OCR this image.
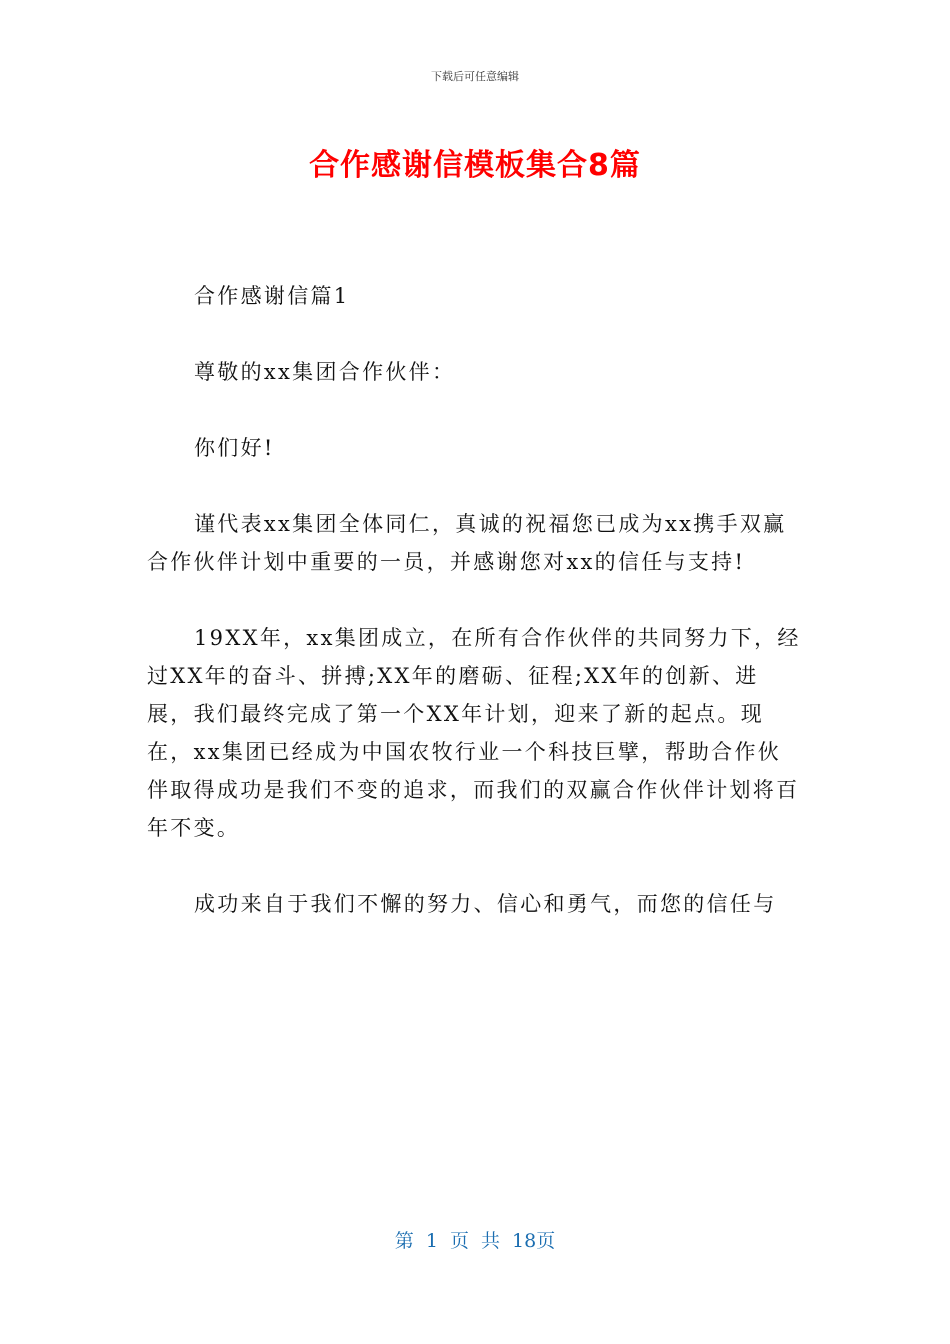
下载后可任意编辑
合作感谢信模板集合8篇

合作感谢信篇1

尊敬的xx集团合作伙伴：

你们好!

谨代表xx集团全体同仁，真诚的祝福您已成为xx携手双赢合作伙伴计划中重要的一员，并感谢您对xx的信任与支持!

19XX年，xx集团成立，在所有合作伙伴的共同努力下，经过XX年的奋斗、拼搏;XX年的磨砺、征程;XX年的创新、进展，我们最终完成了第一个XX年计划，迎来了新的起点。现在，xx集团已经成为中国农牧行业一个科技巨擘，帮助合作伙伴取得成功是我们不变的追求，而我们的双赢合作伙伴计划将百年不变。

成功来自于我们不懈的努力、信心和勇气，而您的信任与

第 1 页 共 18页
